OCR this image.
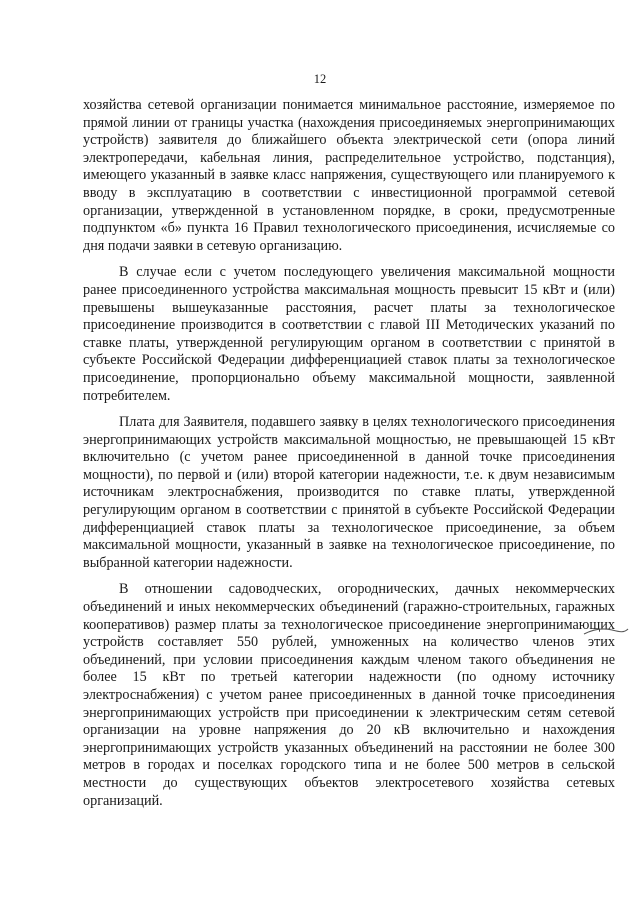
12

хозяйства сетевой организации понимается минимальное расстояние, измеряемое по прямой линии от границы участка (нахождения присоединяемых энергопринимающих устройств) заявителя до ближайшего объекта электрической сети (опора линий электропередачи, кабельная линия, распределительное устройство, подстанция), имеющего указанный в заявке класс напряжения, существующего или планируемого к вводу в эксплуатацию в соответствии с инвестиционной программой сетевой организации, утвержденной в установленном порядке, в сроки, предусмотренные подпунктом «б» пункта 16 Правил технологического присоединения, исчисляемые со дня подачи заявки в сетевую организацию.

В случае если с учетом последующего увеличения максимальной мощности ранее присоединенного устройства максимальная мощность превысит 15 кВт и (или) превышены вышеуказанные расстояния, расчет платы за технологическое присоединение производится в соответствии с главой III Методических указаний по ставке платы, утвержденной регулирующим органом в соответствии с принятой в субъекте Российской Федерации дифференциацией ставок платы за технологическое присоединение, пропорционально объему максимальной мощности, заявленной потребителем.

Плата для Заявителя, подавшего заявку в целях технологического присоединения энергопринимающих устройств максимальной мощностью, не превышающей 15 кВт включительно (с учетом ранее присоединенной в данной точке присоединения мощности), по первой и (или) второй категории надежности, т.е. к двум независимым источникам электроснабжения, производится по ставке платы, утвержденной регулирующим органом в соответствии с принятой в субъекте Российской Федерации дифференциацией ставок платы за технологическое присоединение, за объем максимальной мощности, указанный в заявке на технологическое присоединение, по выбранной категории надежности.

В отношении садоводческих, огороднических, дачных некоммерческих объединений и иных некоммерческих объединений (гаражно-строительных, гаражных кооперативов) размер платы за технологическое присоединение энергопринимающих устройств составляет 550 рублей, умноженных на количество членов этих объединений, при условии присоединения каждым членом такого объединения не более 15 кВт по третьей категории надежности (по одному источнику электроснабжения) с учетом ранее присоединенных в данной точке присоединения энергопринимающих устройств при присоединении к электрическим сетям сетевой организации на уровне напряжения до 20 кВ включительно и нахождения энергопринимающих устройств указанных объединений на расстоянии не более 300 метров в городах и поселках городского типа и не более 500 метров в сельской местности до существующих объектов электросетевого хозяйства сетевых организаций.
